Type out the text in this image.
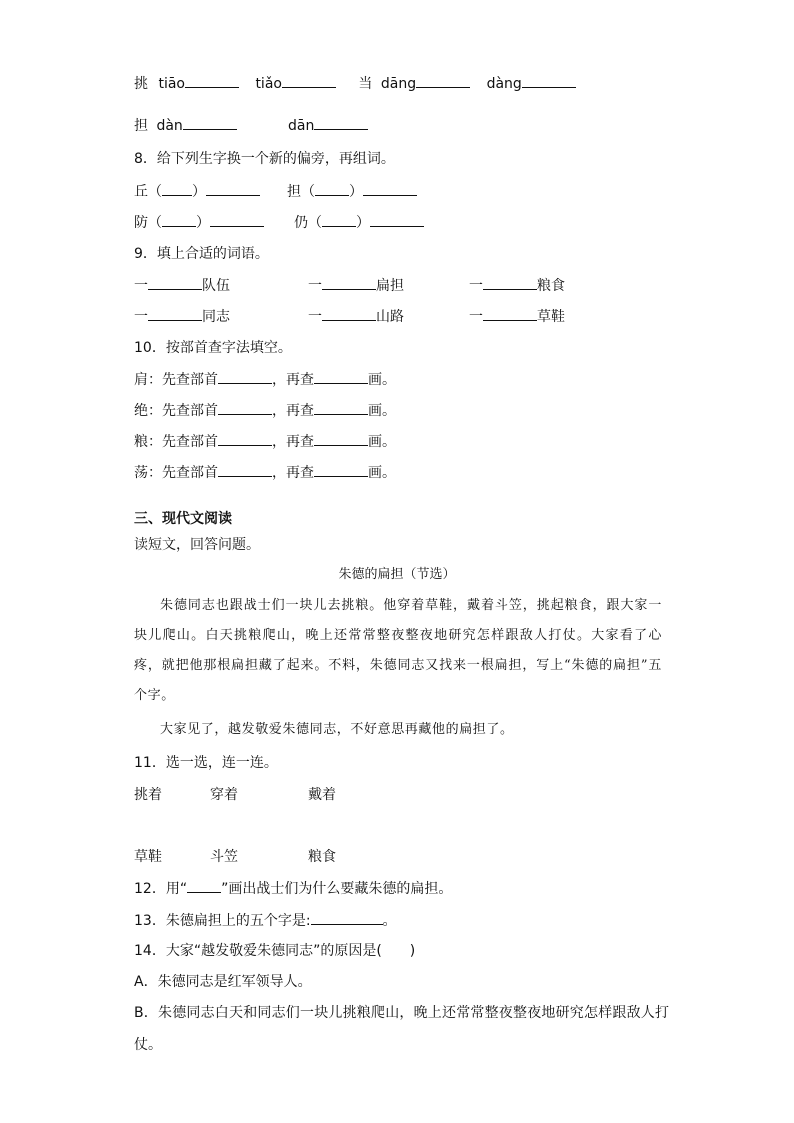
挑 tiāo	tiǎo	当 dāng	dàng
担 dàn	dān
8．给下列生字换一个新的偏旁，再组词。
丘（ ）	担（ ）
防（ ）	仍（ ）
9．填上合适的词语。
一	队伍	一	扁担	一	粮食
一	同志	一	山路	一	草鞋
10．按部首查字法填空。
肩：先查部首	，再查	画。
绝：先查部首	，再查	画。
粮：先查部首	，再查	画。
荡：先查部首	，再查	画。
三、现代文阅读
读短文，回答问题。
朱德的扁担（节选）
朱德同志也跟战士们一块儿去挑粮。他穿着草鞋，戴着斗笠，挑起粮食，跟大家一块儿爬山。白天挑粮爬山，晚上还常常整夜整夜地研究怎样跟敌人打仗。大家看了心疼，就把他那根扁担藏了起来。不料，朱德同志又找来一根扁担，写上“朱德的扁担”五个字。
大家见了，越发敬爱朱德同志，不好意思再藏他的扁担了。
11．选一选，连一连。
挑着	穿着	戴着
草鞋	斗笠	粮食
12．用“ ”画出战士们为什么要藏朱德的扁担。
13．朱德扁担上的五个字是:	。
14．大家“越发敬爱朱德同志”的原因是(　　)
A．朱德同志是红军领导人。
B．朱德同志白天和同志们一块儿挑粮爬山，晚上还常常整夜整夜地研究怎样跟敌人打
仗。
